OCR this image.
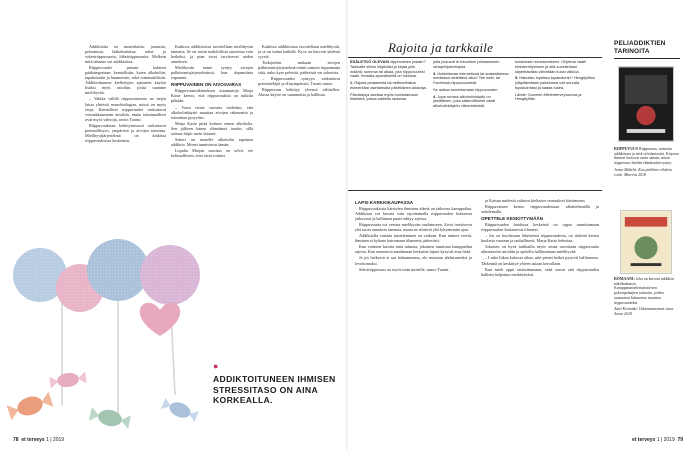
Addiktioita on monenlaisia: jaomista, pelaamista, lääkekoukkua, seksi- ja sokeririippuvuutta, liiketriippuvuutta. Melkein mitä tahansa voi addiktoitua.

Riippuvuudet jaetaan kahteen pääkategoriaan: kemiallisiin, kuten alkoholiin, tupakointiin ja huumeisiin, sekä toiminnallisiin. Addiktoitumme kiellettyjen ajatusten käytön lisäksi myös asioihin, joista saamme mielihyvää.

– Vaikka välillä riippuvaisuutta on tietyn laista yhteistä neurobiologiaa, niissä on myös eroja. Kemialliset riippuvuudet vaikuttavat voimakkaammin aivoihin, mutta toiminnalliset ovat myös vahvoja, arvioi Tuomi.

Riippuvuuksien kehittymisessä vaikuttavat perinnöllisyys, ympäristö ja aivojen toiminta. Mielihyväjärjestelmä on kaikissa riippuvuuksissa keskeinen.

Kaikissa addiktioissa tavoitellaan mielihyvän tunnetta. Se on toisin mahdollista saavuttaa vain hetkeksi, ja pian aivot tarvitsevat uuden annoksen.

Mielihyvän tunne syntyy aivojen palkitsemisjärjestelmässä, kun dopamiinia vapautuu.

RIIPPUVAINEN ON AIVOSAIRAS

Riippuvuustutkimuksen asiantuntija Marja Kaste kertoo, että riippuvuuksia on tutkittu pitkään.

– Vasta viime vuosina tiedettiin, että alkoholinkäyttö muuttaa aivojen rakennetta ja toimintaa pysyvästi.

Marja Kaste pitää kolmea ennen alkoholia. Sen jälkeen hänen elämäänsä tuotiin, sillä sairaus hiipii usein hitaasti.

Sokeri on monelle alkoholin tapainen addiktio. Monet tunnistavat tämän.

Lopulta Marjan suositus on selvä: vie kohtuulliseen, ettei aivot tottuisi.

Kaikissa addiktioissa tavoitellaan mielihyvää, ja se on tuttua kaikille. Kyse on harvoin yhdestä syystä.

Tutkijoiden mukaan aivojen palkitsemisjärjestelmä toimii samoin riippumatta siitä, onko kyse peleistä, päihteistä vai sokerista.

– Riippuvuuden syntyyn vaikuttavat perintötekijät ja elinympäristö, Tuomi sanoo.

Riippuvuus kehittyy yleensä vähitellen. Alussa käyttö on satunnaista ja hallittua.

●
ADDIKTOITUNEEN IHMISEN STRESSITASO ON AINA KORKEALLA.
78 et terveys 1 | 2019
Rajoita ja tarkkaile
ESÄLETKÖ OLEVASI riippuvainen jostain? Tarkkaile silloin käyttöäsi ja kirjaa ylös määriä, summia tai aikaa, jota riippuvuutesi vaatii. Ilmaisia apuvälineitä on lukuisia.
1. Rajoita pelaamista tai nettisurffailua esimerkiksi asettamalla päivittäinen aikaraja.
Päivärajoja asettaa myös tunnistamaan tilanteita, joissa addiktio laukeaa.
joita joutuvat le-tuloottum pelaamiseen. rahapelipalvelujsta
3. Hoidettavaa internetissä tai sosiaalisessa mediassa vietettävä aika? Tee netti- tai Facebook-riippuvuustesti.
Se auttaa tunnistamaan riippuvuuden.
4. Jopa runsas alkoholinkäyttö on yksittäinen, joka säännöllisesti vaatii alkoholinkäytön vähentämistä.
kulutuksen seuraamiseen. Ohjelma vaatii rekisteröitymisen ja sitä suositellaan käytettäväksi vähintään kuusi viikkoa.
5. Haluatko lopettaa tupakoinnin? Hengityliiton ylläpitämässä palvelussa voit seurata tupakointiasi ja saada tukea.
Lähde: Suomen Mielenterveysseura ja Hengityliitto
LAPSI KARKKIKAUPASSA

Riippuvuuksista kärsivien ihmisten elämä on jatkuvaa kamppailua. Addiktion voi kuvata vain rajoittamalla riippuvuuden kohteesta jatkuvasti ja hallinnan puute näkyy arjessa.

Riippuvuutta voi verrata mielihyvän vaalimiseen. Aivot tarvitsevat yhä uusia annoksia samasta, mutta ne riittävät yhä lyhyemmän ajan.

Addiktiolla vastaan taisteleminen on vaikeaa. Kun tunteet vievät, ihminen ei kykene katsomaan tilannetta järkevästi.

Kun voimme kuvata mitä tahansa, jokainen tunnistaa kamppailun arjesta. Kun mennessä nauttimaan herkuista lapset kysyvät aina lisää.

Ja jos hetkessä ei saa haluamaansa, olo muuttuu ahdistuneeksi ja levottomaksi.

Seksiriippuvuus on myös tuttu monelle, sanoo Tuomi.

ja Kaisan mielestä valtavat kielteiset seuraukset kärsiminen.

Riippuvainen kertoo riippuvuudestaan vähättelemällä ja salailemalla.

OPETTELE KESKITTYMÄÄN

Riippuvuuden hoidossa keskeistä on oppia tunnistamaan riippuvuuden laukaisevat tilanteet.

– Jos on huolissaan läheisensä riippuvuudesta, on tärkeää kertoa huolesta suoraan ja rauhallisesti, Marja Kaste kehottaa.

Jokaisen on hyvä tarkkailla myös omaa tarvettaan riippuvuutta aiheuttaviin asioihin ja opetella hallitsemaan mielihyvää.

– Laske liikaa kuluvaa aikaa, niin pienet hetket pysyvät hallinnassa. Tärkeintä on keskittyä yhteen asiaan kerrallaan.

Kun mieli oppii rauhoittumaan, sekä stressi että riippuvuuden hallinta helpottuu merkittävästi.

PELIADDIKTIEN TARINOITA
RIIPPUVUUS Riippuvuus: tarinoita addiktiosta ja siitä selviämisestä. Kirjassa ihmiset kertovat omin sanoin, miten riippuvuus heidän elämässään syntyi.
Jenna Mäkelä: Kun pelihimo vihdoin voitti. Minerva 2018
ROMAANI: Joka on kerrotu addiktin näkökulmasta. Kumppanimielensäyttävien pokeripelaajien tarinoita, joiden suunnaton kiinnostus muuttuu riippuvuudeksi.
Antti Kivimäki: Odottamattomat sinut. Atena 2018
et terveys 1 | 2019 79
